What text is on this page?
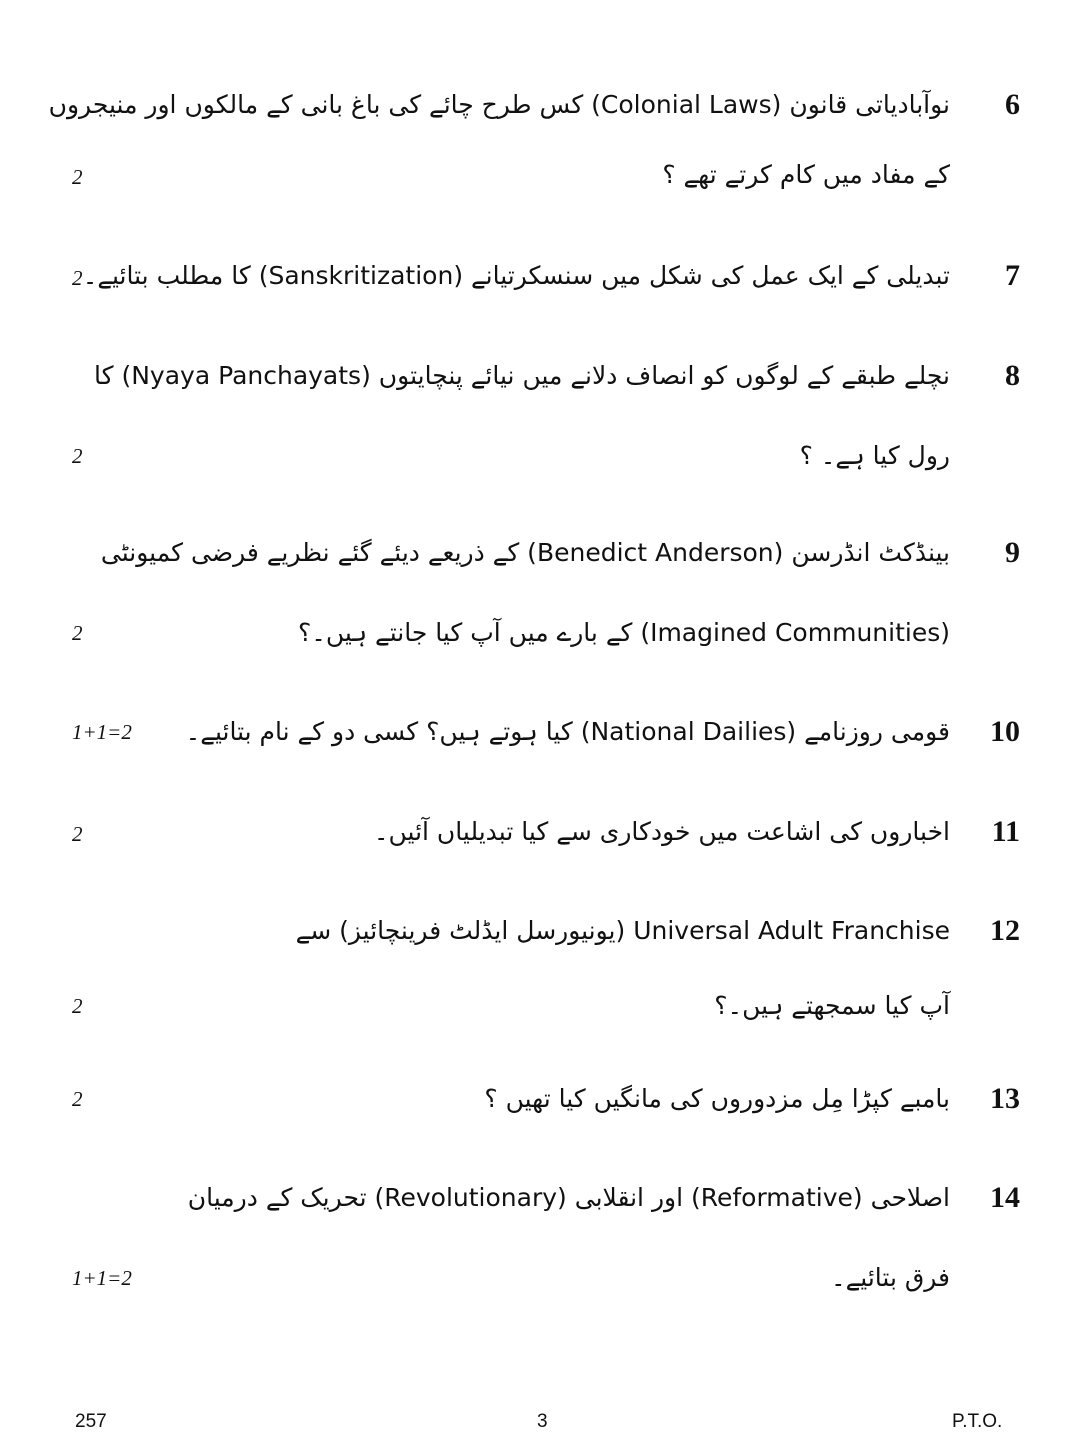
6
نوآبادیاتی قانون (Colonial Laws) کس طرح چائے کی باغ بانی کے مالکوں اور منیجروں
کے مفاد میں کام کرتے تھے ؟
2
7
تبدیلی کے ایک عمل کی شکل میں سنسکرتیانے (Sanskritization) کا مطلب بتائیے۔
2
8
نچلے طبقے کے لوگوں کو انصاف دلانے میں نیائے پنچایتوں (Nyaya Panchayats) کا
رول کیا ہے۔ ؟
2
9
بینڈکٹ انڈرسن (Benedict Anderson) کے ذریعے دیئے گئے نظریے فرضی کمیونٹی
(Imagined Communities) کے بارے میں آپ کیا جانتے ہیں۔؟
2
10
قومی روزنامے (National Dailies) کیا ہوتے ہیں؟ کسی دو کے نام بتائیے۔
1+1=2
11
اخباروں کی اشاعت میں خودکاری سے کیا تبدیلیاں آئیں۔
2
12
Universal Adult Franchise (یونیورسل ایڈلٹ فرینچائیز) سے
آپ کیا سمجھتے ہیں۔؟
2
13
بامبے کپڑا مِل مزدوروں کی مانگیں کیا تھیں ؟
2
14
اصلاحی (Reformative) اور انقلابی (Revolutionary) تحریک کے درمیان
فرق بتائیے۔
1+1=2
257	3	P.T.O.
